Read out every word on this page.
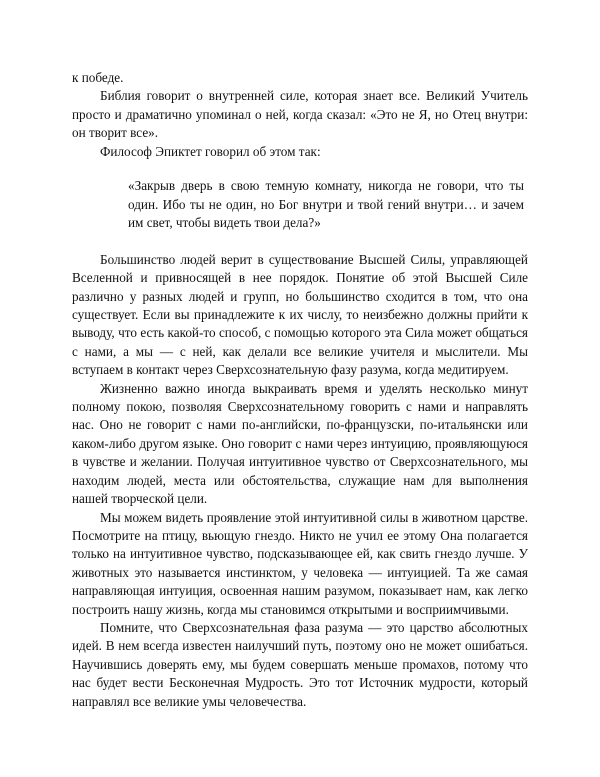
к победе.

Библия говорит о внутренней силе, которая знает все. Великий Учитель просто и драматично упоминал о ней, когда сказал: «Это не Я, но Отец внутри: он творит все».

Философ Эпиктет говорил об этом так:

«Закрыв дверь в свою темную комнату, никогда не говори, что ты один. Ибо ты не один, но Бог внутри и твой гений внутри… и зачем им свет, чтобы видеть твои дела?»

Большинство людей верит в существование Высшей Силы, управляющей Вселенной и привносящей в нее порядок. Понятие об этой Высшей Силе различно у разных людей и групп, но большинство сходится в том, что она существует. Если вы принадлежите к их числу, то неизбежно должны прийти к выводу, что есть какой-то способ, с помощью которого эта Сила может общаться с нами, а мы — с ней, как делали все великие учителя и мыслители. Мы вступаем в контакт через Сверхсознательную фазу разума, когда медитируем.

Жизненно важно иногда выкраивать время и уделять несколько минут полному покою, позволяя Сверхсознательному говорить с нами и направлять нас. Оно не говорит с нами по-английски, по-французски, по-итальянски или каком-либо другом языке. Оно говорит с нами через интуицию, проявляющуюся в чувстве и желании. Получая интуитивное чувство от Сверхсознательного, мы находим людей, места или обстоятельства, служащие нам для выполнения нашей творческой цели.

Мы можем видеть проявление этой интуитивной силы в животном царстве. Посмотрите на птицу, вьющую гнездо. Никто не учил ее этому Она полагается только на интуитивное чувство, подсказывающее ей, как свить гнездо лучше. У животных это называется инстинктом, у человека — интуицией. Та же самая направляющая интуиция, освоенная нашим разумом, показывает нам, как легко построить нашу жизнь, когда мы становимся открытыми и восприимчивыми.

Помните, что Сверхсознательная фаза разума — это царство абсолютных идей. В нем всегда известен наилучший путь, поэтому оно не может ошибаться. Научившись доверять ему, мы будем совершать меньше промахов, потому что нас будет вести Бесконечная Мудрость. Это тот Источник мудрости, который направлял все великие умы человечества.
